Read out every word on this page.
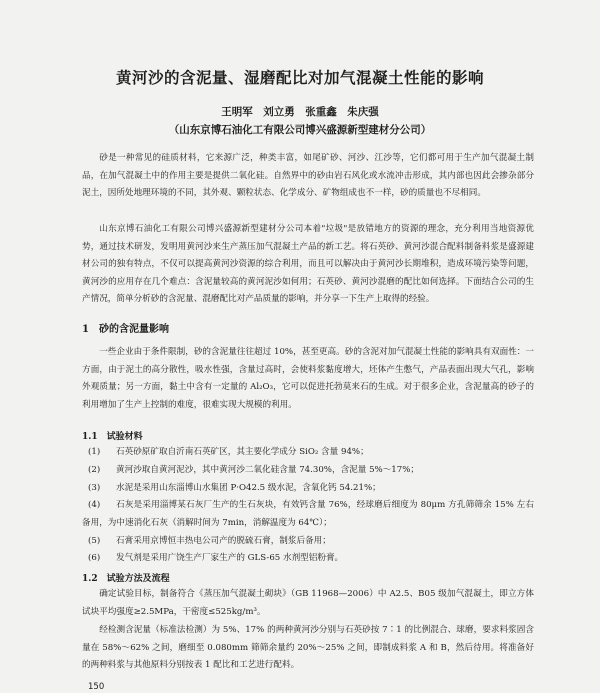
黄河沙的含泥量、湿磨配比对加气混凝土性能的影响
王明军　刘立勇　张重鑫　朱庆强
（山东京博石油化工有限公司博兴盛源新型建材分公司）

砂是一种常见的硅质材料，它来源广泛，种类丰富，如尾矿砂、河沙、江沙等，它们都可用于生产加气混凝土制品，在加气混凝土中的作用主要是提供二氧化硅。自然界中的砂由岩石风化或水流冲击形成，其内部也因此会掺杂部分泥土，因所处地理环境的不同，其外观、颗粒状态、化学成分、矿物组成也不一样，砂的质量也不尽相同。

山东京博石油化工有限公司博兴盛源新型建材分公司本着"垃圾"是放错地方的资源的理念，充分利用当地资源优势，通过技术研发，发明用黄河沙来生产蒸压加气混凝土产品的新工艺。将石英砂、黄河沙混合配料制备料浆是盛源建材公司的独有特点，不仅可以提高黄河沙资源的综合利用，而且可以解决由于黄河沙长期堆积，造成环境污染等问题，黄河沙的应用存在几个难点：含泥量较高的黄河泥沙如何用；石英砂、黄河沙混磨的配比如何选择。下面结合公司的生产情况，简单分析砂的含泥量、混磨配比对产品质量的影响，并分享一下生产上取得的经验。

1　砂的含泥量影响

一些企业由于条件限制，砂的含泥量往往超过 10%，甚至更高。砂的含泥对加气混凝土性能的影响具有双面性：一方面，由于泥土的高分散性，吸水性强，含量过高时，会使料浆黏度增大，坯体产生憋气，产品表面出现大气孔，影响外观质量；另一方面，黏土中含有一定量的 Al₂O₃，它可以促进托勃莫来石的生成。对于很多企业，含泥量高的砂子的利用增加了生产上控制的难度，很难实现大规模的利用。

1.1　试验材料

(1) 石英砂原矿取自沂南石英矿区，其主要化学成分 SiO₂ 含量 94%；

(2) 黄河沙取自黄河泥沙，其中黄河沙二氧化硅含量 74.30%，含泥量 5%～17%；

(3) 水泥是采用山东淄博山水集团 P·O42.5 级水泥，含氧化钙 54.21%；

(4) 石灰是采用淄博某石灰厂生产的生石灰块，有效钙含量 76%，经球磨后细度为 80μm 方孔筛筛余 15% 左右备用，为中速消化石灰（消解时间为 7min，消解温度为 64℃）；

(5) 石膏采用京博恒丰热电公司产的脱硫石膏，制浆后备用；

(6) 发气剂是采用广饶生产厂家生产的 GLS-65 水剂型铝粉膏。

1.2　试验方法及流程

确定试验目标，制备符合《蒸压加气混凝土砌块》（GB 11968—2006）中 A2.5、B05 级加气混凝土，即立方体试块平均强度≥2.5MPa，干密度≤525kg/m³。

经检测含泥量（标准法检测）为 5%、17% 的两种黄河沙分别与石英砂按 7∶1 的比例混合、球磨，要求料浆固含量在 58%～62% 之间，磨细至 0.080mm 筛筛余量约 20%～25% 之间，即制成料浆 A 和 B，然后待用。将准备好的两种料浆与其他原料分别按表 1 配比和工艺进行配料。

150
